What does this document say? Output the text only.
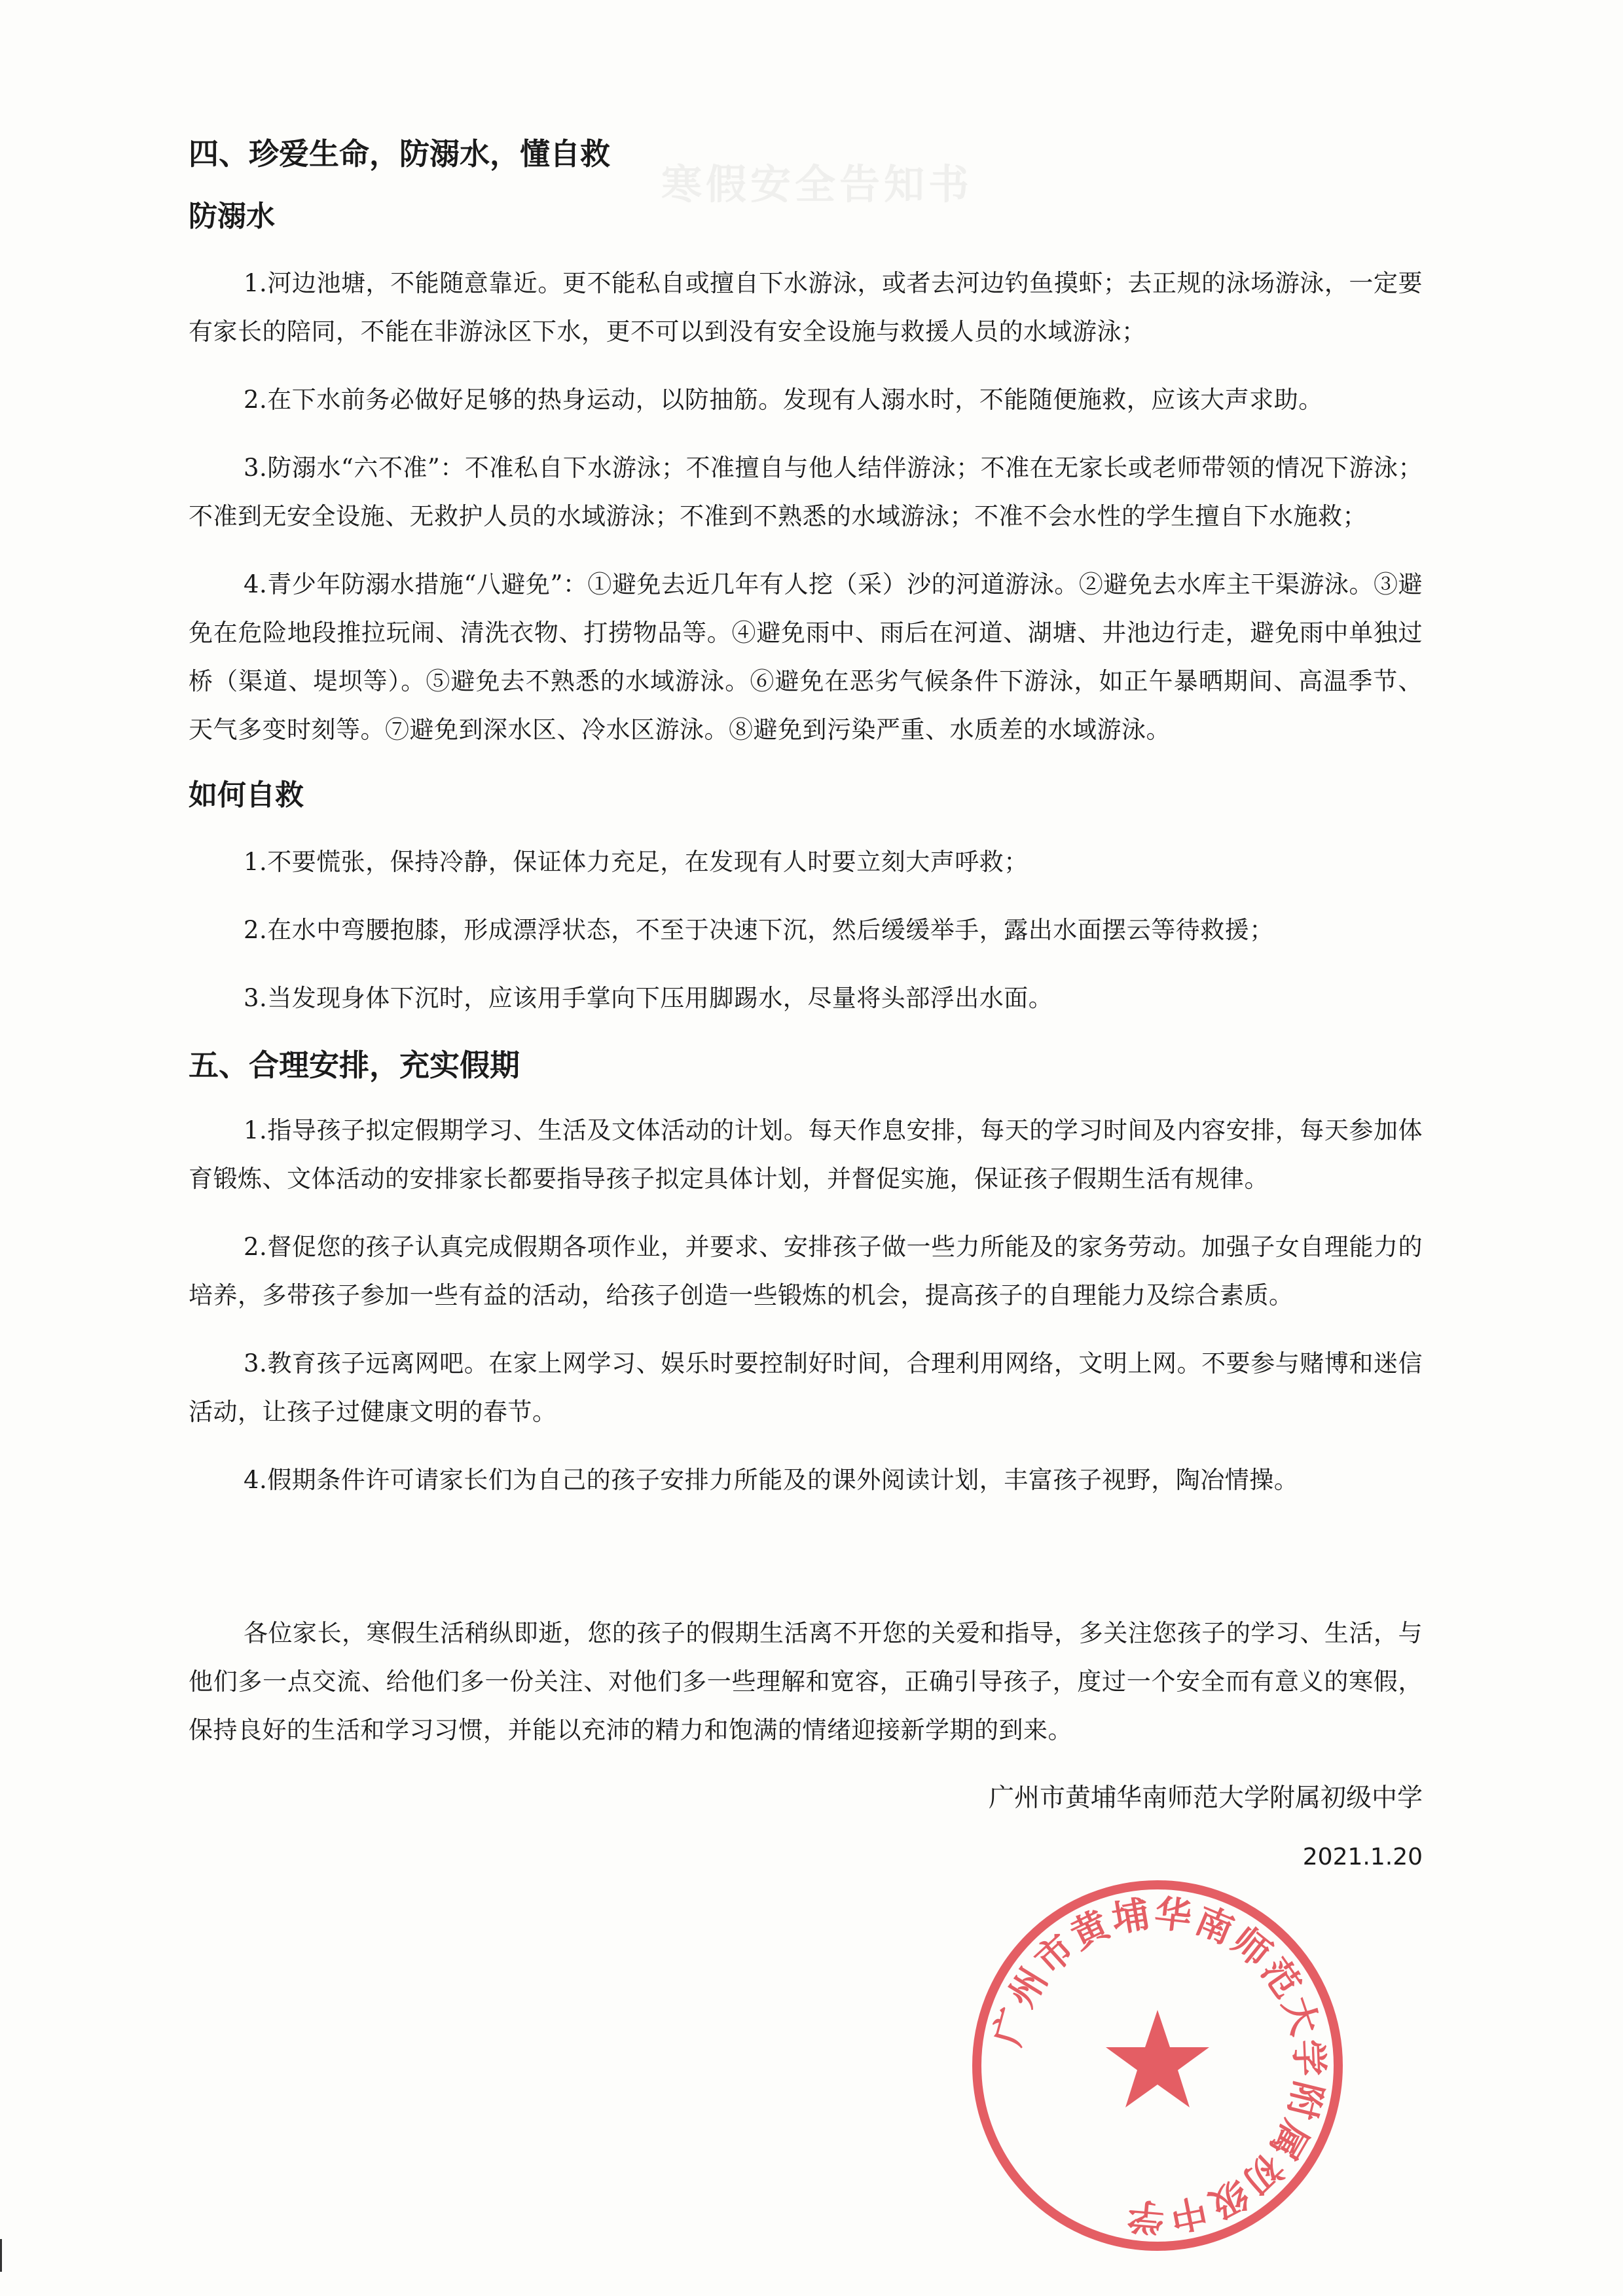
寒假安全告知书
四、珍爱生命，防溺水，懂自救
防溺水

1.河边池塘，不能随意靠近。更不能私自或擅自下水游泳，或者去河边钓鱼摸虾；去正规的泳场游泳，一定要有家长的陪同，不能在非游泳区下水，更不可以到没有安全设施与救援人员的水域游泳；

2.在下水前务必做好足够的热身运动，以防抽筋。发现有人溺水时，不能随便施救，应该大声求助。

3.防溺水“六不准”：不准私自下水游泳；不准擅自与他人结伴游泳；不准在无家长或老师带领的情况下游泳；不准到无安全设施、无救护人员的水域游泳；不准到不熟悉的水域游泳；不准不会水性的学生擅自下水施救；

4.青少年防溺水措施“八避免”：①避免去近几年有人挖（采）沙的河道游泳。②避免去水库主干渠游泳。③避免在危险地段推拉玩闹、清洗衣物、打捞物品等。④避免雨中、雨后在河道、湖塘、井池边行走，避免雨中单独过桥（渠道、堤坝等）。⑤避免去不熟悉的水域游泳。⑥避免在恶劣气候条件下游泳，如正午暴晒期间、高温季节、天气多变时刻等。⑦避免到深水区、冷水区游泳。⑧避免到污染严重、水质差的水域游泳。

如何自救

1.不要慌张，保持冷静，保证体力充足，在发现有人时要立刻大声呼救；

2.在水中弯腰抱膝，形成漂浮状态，不至于决速下沉，然后缓缓举手，露出水面摆云等待救援；

3.当发现身体下沉时，应该用手掌向下压用脚踢水，尽量将头部浮出水面。

五、合理安排，充实假期

1.指导孩子拟定假期学习、生活及文体活动的计划。每天作息安排，每天的学习时间及内容安排，每天参加体育锻炼、文体活动的安排家长都要指导孩子拟定具体计划，并督促实施，保证孩子假期生活有规律。

2.督促您的孩子认真完成假期各项作业，并要求、安排孩子做一些力所能及的家务劳动。加强子女自理能力的培养，多带孩子参加一些有益的活动，给孩子创造一些锻炼的机会，提高孩子的自理能力及综合素质。

3.教育孩子远离网吧。在家上网学习、娱乐时要控制好时间，合理利用网络，文明上网。不要参与赌博和迷信活动，让孩子过健康文明的春节。

4.假期条件许可请家长们为自己的孩子安排力所能及的课外阅读计划，丰富孩子视野，陶冶情操。

各位家长，寒假生活稍纵即逝，您的孩子的假期生活离不开您的关爱和指导，多关注您孩子的学习、生活，与他们多一点交流、给他们多一份关注、对他们多一些理解和宽容，正确引导孩子，度过一个安全而有意义的寒假，保持良好的生活和学习习惯，并能以充沛的精力和饱满的情绪迎接新学期的到来。

广州市黄埔华南师范大学附属初级中学
2021.1.20
广州市黄埔华南师范大学附属初级中学
